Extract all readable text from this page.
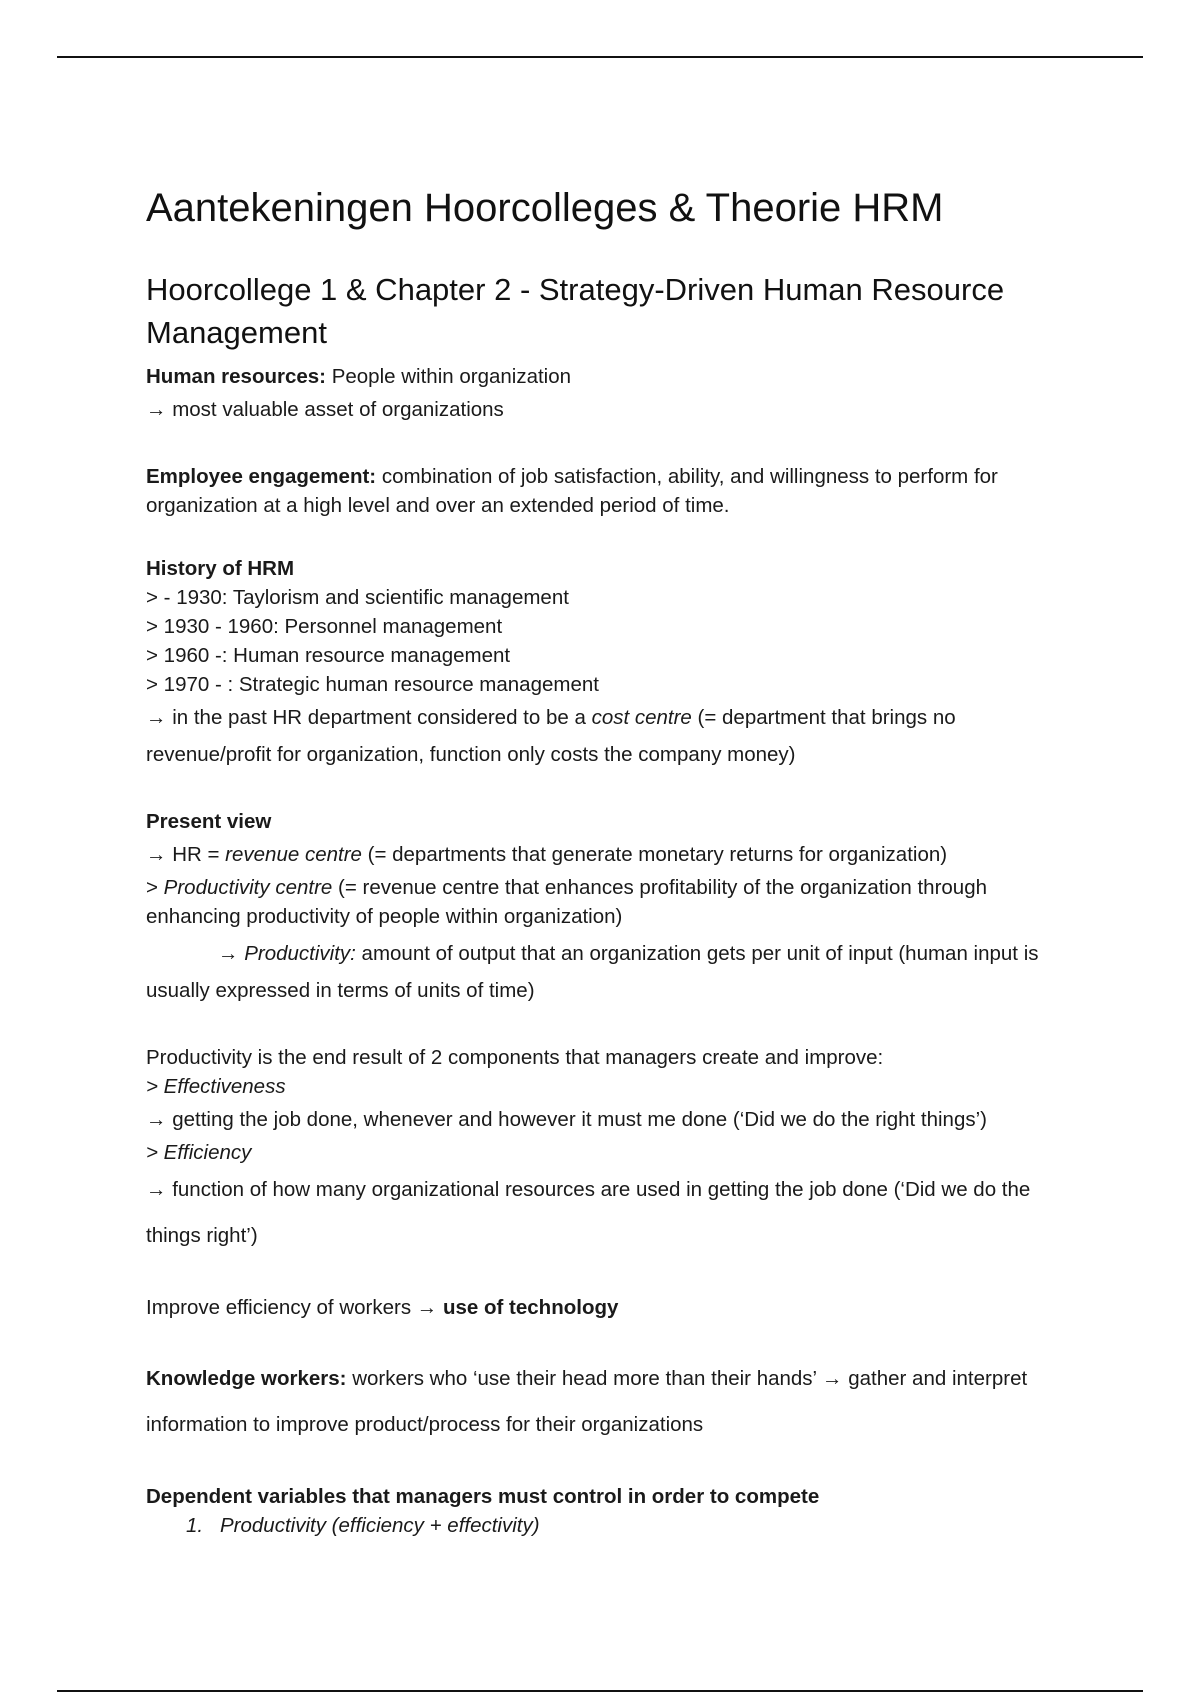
Aantekeningen Hoorcolleges & Theorie HRM
Hoorcollege 1 & Chapter 2 - Strategy-Driven Human Resource Management

Human resources: People within organization

→ most valuable asset of organizations

Employee engagement: combination of job satisfaction, ability, and willingness to perform for organization at a high level and over an extended period of time.

History of HRM

> - 1930: Taylorism and scientific management

> 1930 - 1960: Personnel management

> 1960 -: Human resource management

> 1970 - : Strategic human resource management

→ in the past HR department considered to be a cost centre (= department that brings no revenue/profit for organization, function only costs the company money)

Present view

→ HR = revenue centre (= departments that generate monetary returns for organization)

> Productivity centre (= revenue centre that enhances profitability of the organization through enhancing productivity of people within organization)

→ Productivity: amount of output that an organization gets per unit of input (human input is usually expressed in terms of units of time)

Productivity is the end result of 2 components that managers create and improve:

> Effectiveness

→ getting the job done, whenever and however it must me done (‘Did we do the right things’)

> Efficiency

→ function of how many organizational resources are used in getting the job done (‘Did we do the things right’)

Improve efficiency of workers → use of technology

Knowledge workers: workers who ‘use their head more than their hands’ → gather and interpret information to improve product/process for their organizations

Dependent variables that managers must control in order to compete

1. Productivity (efficiency + effectivity)
